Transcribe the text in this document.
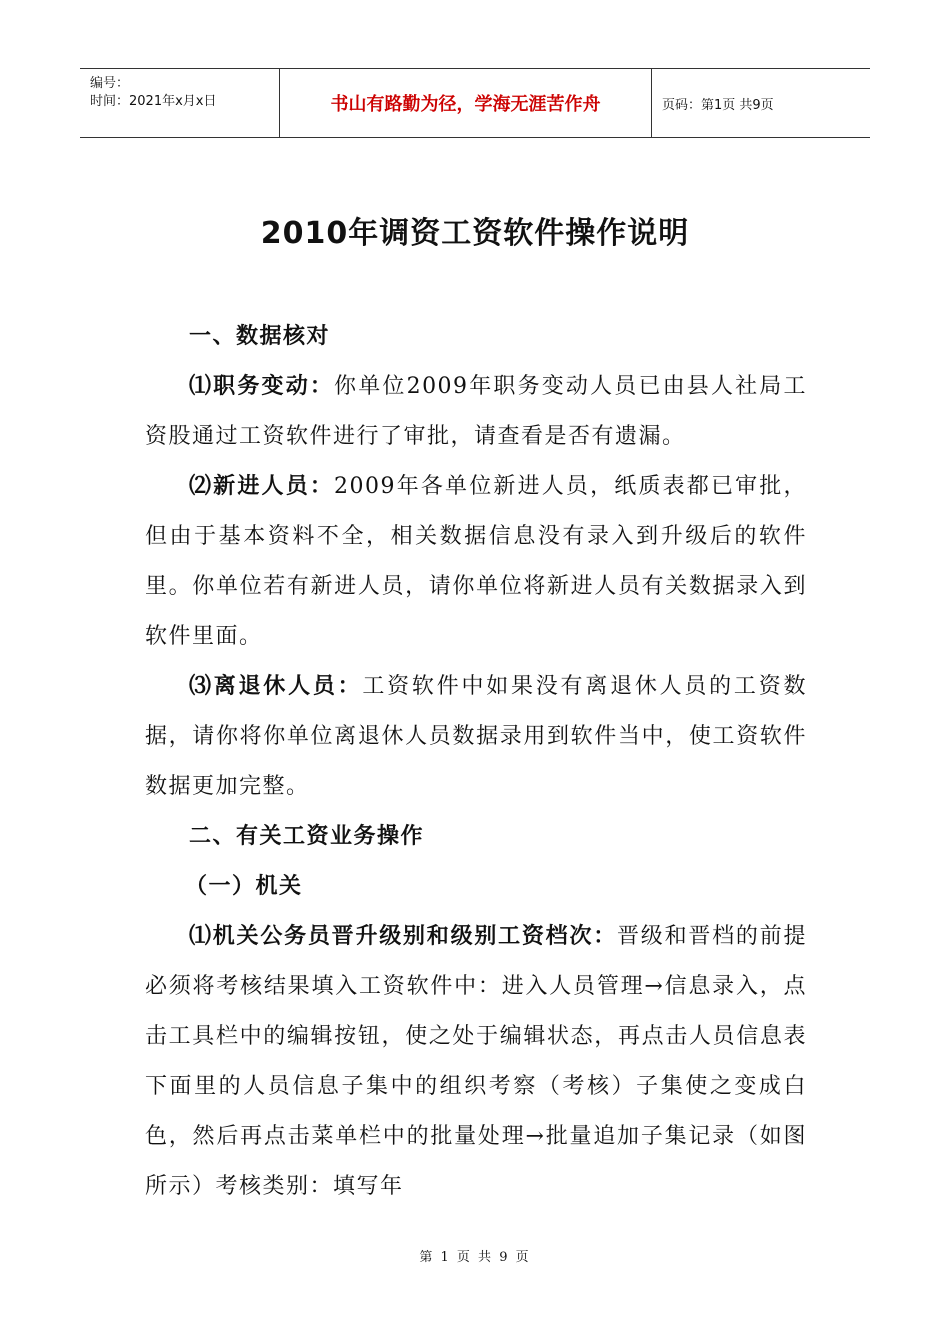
编号：
时间：2021年x月x日	书山有路勤为径，学海无涯苦作舟	页码：第1页 共9页
2010年调资工资软件操作说明

一、数据核对

⑴职务变动：你单位2009年职务变动人员已由县人社局工资股通过工资软件进行了审批，请查看是否有遗漏。

⑵新进人员：2009年各单位新进人员，纸质表都已审批，但由于基本资料不全，相关数据信息没有录入到升级后的软件里。你单位若有新进人员，请你单位将新进人员有关数据录入到软件里面。

⑶离退休人员：工资软件中如果没有离退休人员的工资数据，请你将你单位离退休人员数据录用到软件当中，使工资软件数据更加完整。

二、有关工资业务操作

（一）机关

⑴机关公务员晋升级别和级别工资档次：晋级和晋档的前提必须将考核结果填入工资软件中：进入人员管理→信息录入，点击工具栏中的编辑按钮，使之处于编辑状态，再点击人员信息表下面里的人员信息子集中的组织考察（考核）子集使之变成白色，然后再点击菜单栏中的批量处理→批量追加子集记录（如图所示）考核类别：填写年

第 1 页 共 9 页
